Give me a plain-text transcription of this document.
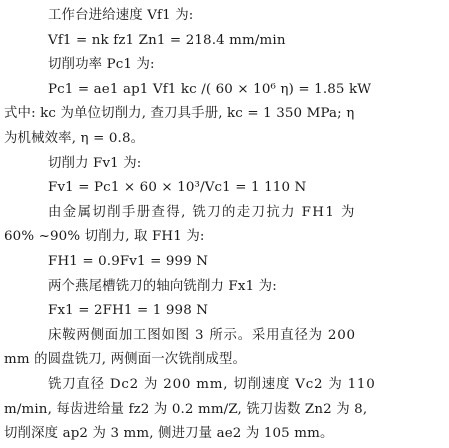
工作台进给速度 Vf1 为:
Vf1 = nk fz1 Zn1 = 218.4 mm/min
切削功率 Pc1 为:
Pc1 = ae1 ap1 Vf1 kc /( 60 × 10⁶ η) = 1.85 kW
式中: kc 为单位切削力, 查刀具手册, kc = 1 350 MPa; η
为机械效率, η = 0.8。
切削力 Fv1 为:
Fv1 = Pc1 × 60 × 10³/Vc1 = 1 110 N
由金属切削手册查得, 铣刀的走刀抗力 FH1 为
60% ~90% 切削力, 取 FH1 为:
FH1 = 0.9Fv1 = 999 N
两个燕尾槽铣刀的轴向铣削力 Fx1 为:
Fx1 = 2FH1 = 1 998 N
床鞍两侧面加工图如图 3 所示。采用直径为 200
mm 的圆盘铣刀, 两侧面一次铣削成型。
铣刀直径 Dc2 为 200 mm, 切削速度 Vc2 为 110
m/min, 每齿进给量 fz2 为 0.2 mm/Z, 铣刀齿数 Zn2 为 8,
切削深度 ap2 为 3 mm, 侧进刀量 ae2 为 105 mm。
